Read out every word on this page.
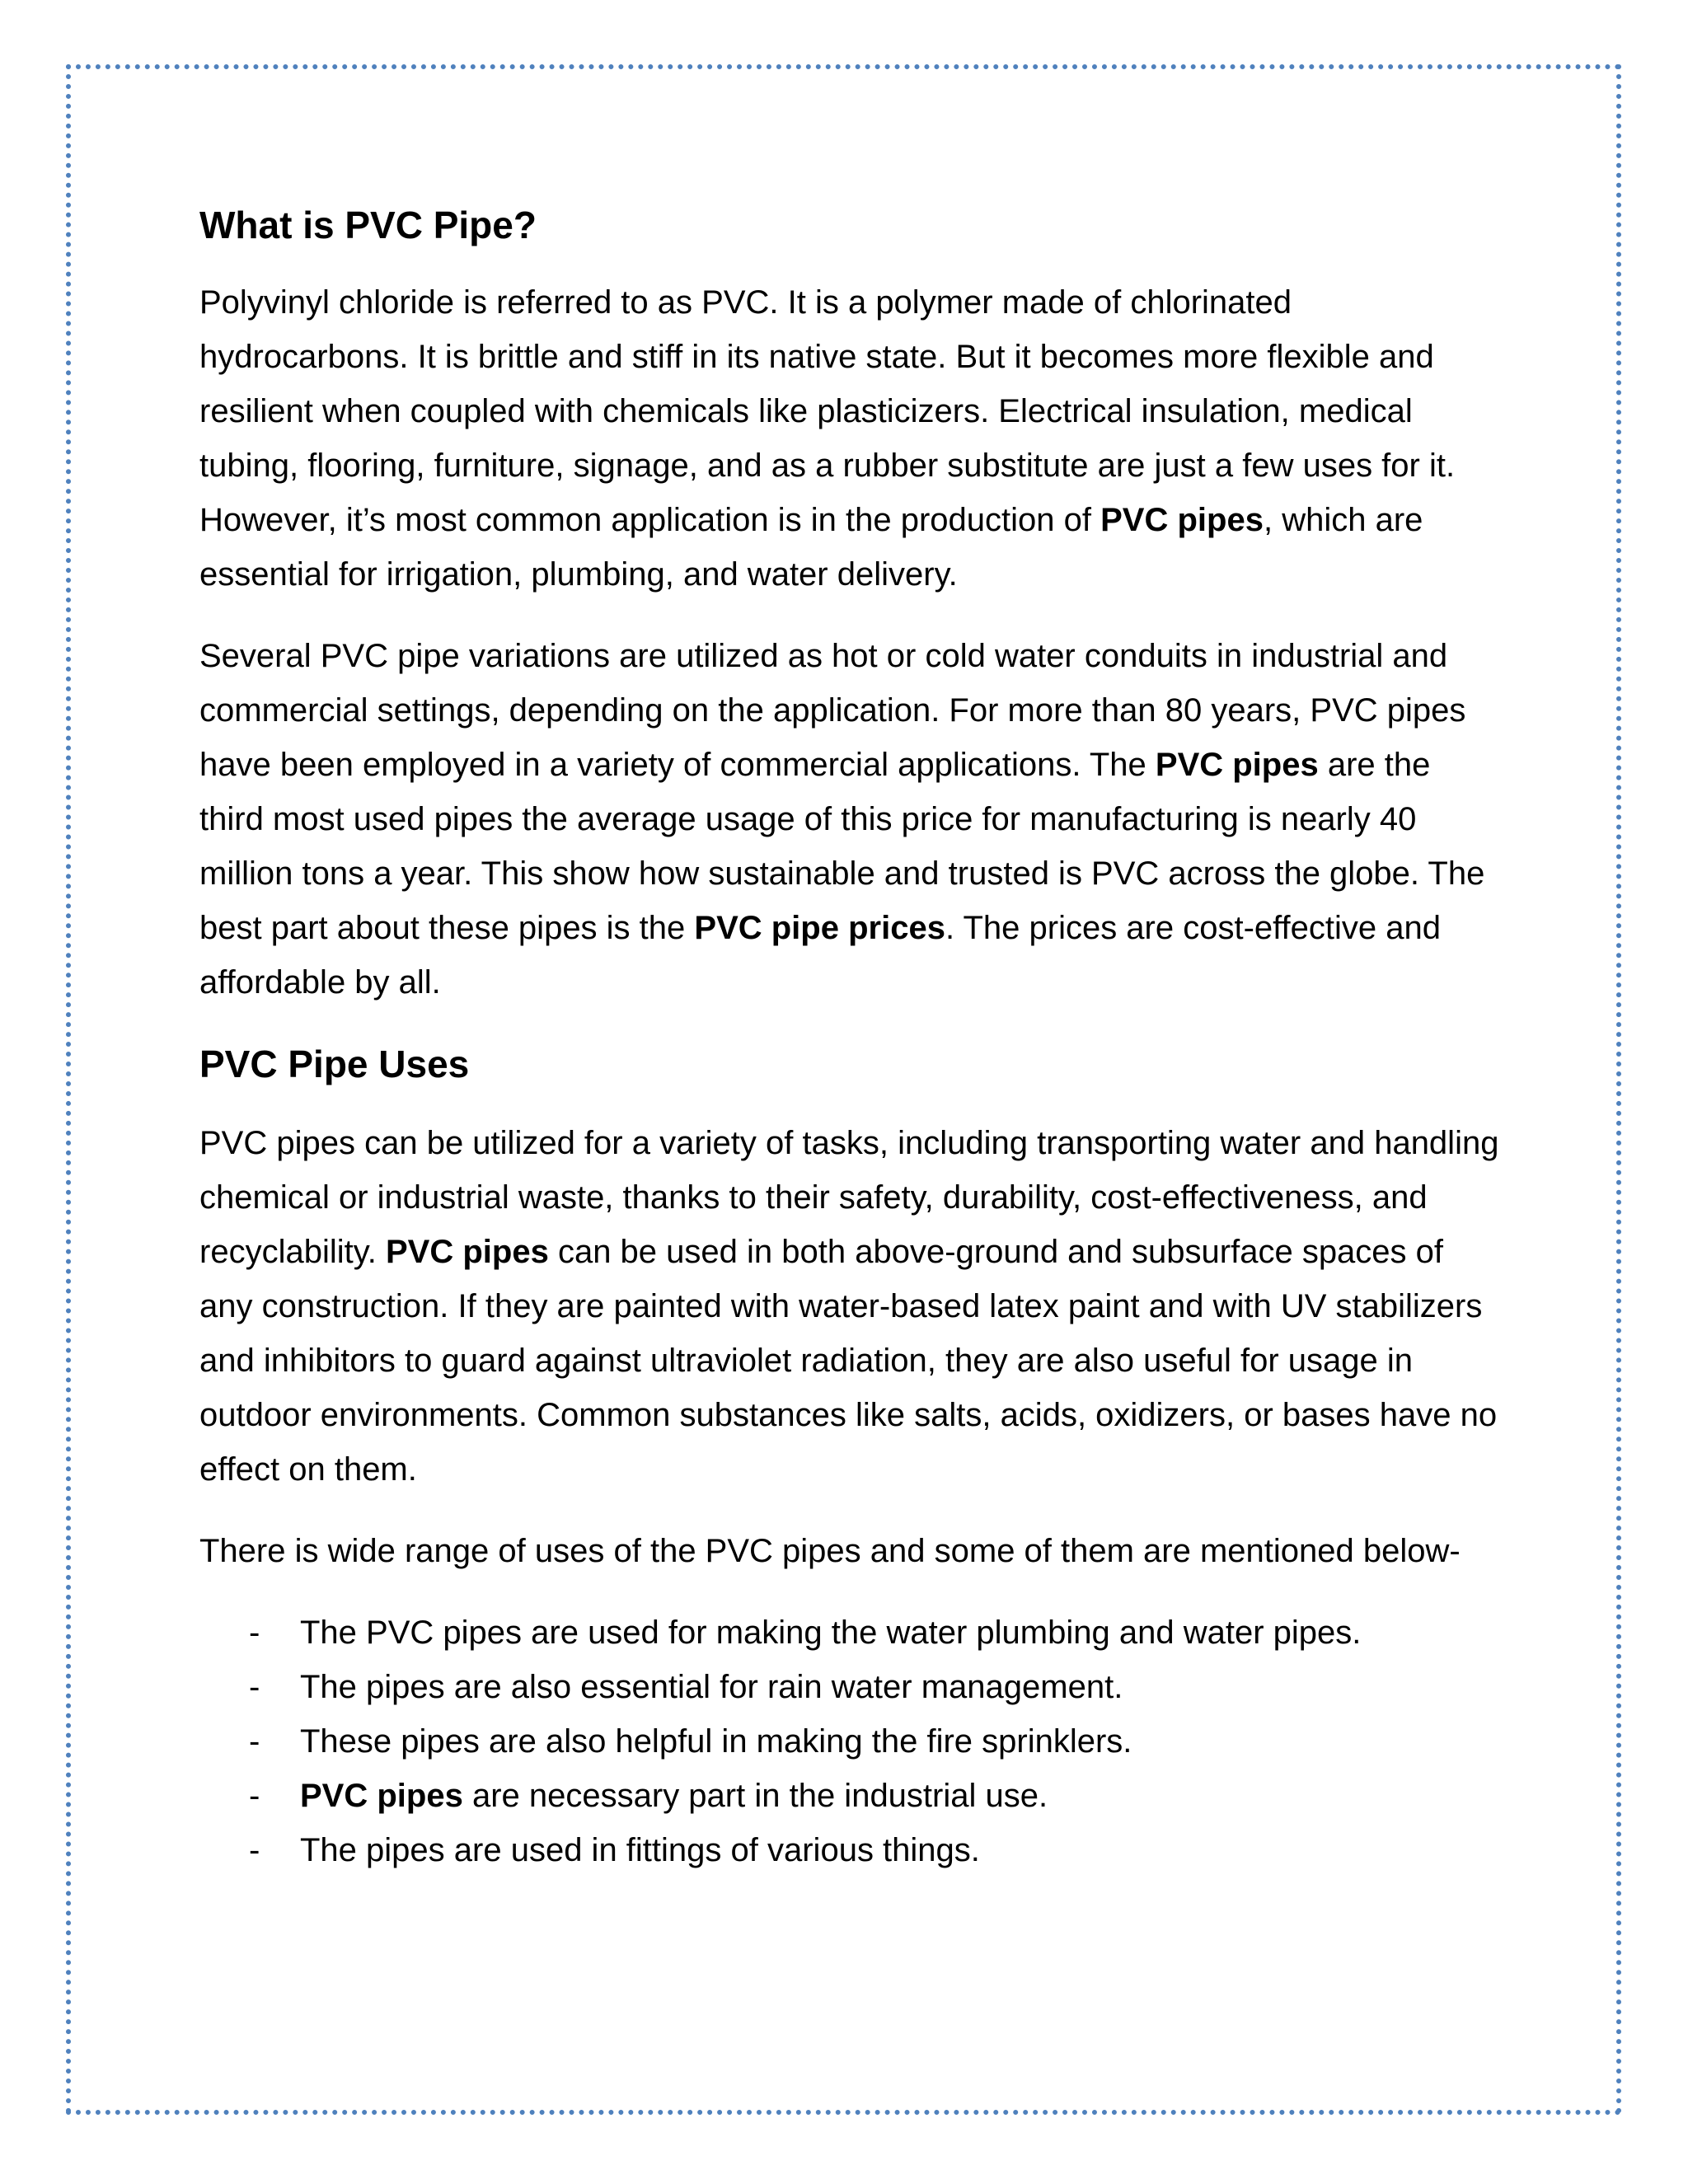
What is PVC Pipe?

Polyvinyl chloride is referred to as PVC. It is a polymer made of chlorinated hydrocarbons. It is brittle and stiff in its native state. But it becomes more flexible and resilient when coupled with chemicals like plasticizers. Electrical insulation, medical tubing, flooring, furniture, signage, and as a rubber substitute are just a few uses for it. However, it’s most common application is in the production of PVC pipes, which are essential for irrigation, plumbing, and water delivery.

Several PVC pipe variations are utilized as hot or cold water conduits in industrial and commercial settings, depending on the application. For more than 80 years, PVC pipes have been employed in a variety of commercial applications. The PVC pipes are the third most used pipes the average usage of this price for manufacturing is nearly 40 million tons a year. This show how sustainable and trusted is PVC across the globe. The best part about these pipes is the PVC pipe prices. The prices are cost-effective and affordable by all.

PVC Pipe Uses

PVC pipes can be utilized for a variety of tasks, including transporting water and handling chemical or industrial waste, thanks to their safety, durability, cost-effectiveness, and recyclability. PVC pipes can be used in both above-ground and subsurface spaces of any construction. If they are painted with water-based latex paint and with UV stabilizers and inhibitors to guard against ultraviolet radiation, they are also useful for usage in outdoor environments. Common substances like salts, acids, oxidizers, or bases have no effect on them.

There is wide range of uses of the PVC pipes and some of them are mentioned below-

- The PVC pipes are used for making the water plumbing and water pipes.
- The pipes are also essential for rain water management.
- These pipes are also helpful in making the fire sprinklers.
- PVC pipes are necessary part in the industrial use.
- The pipes are used in fittings of various things.
